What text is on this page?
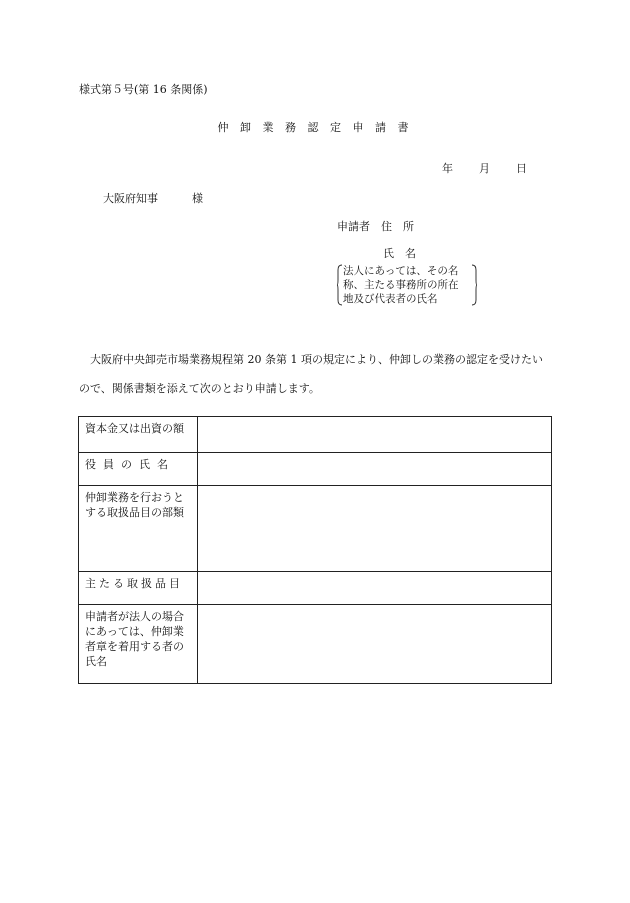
様式第５号(第 16 条関係)
仲 卸 業 務 認 定 申 請 書
年 月 日
大阪府知事	様
申請者 住　所
氏　名
法人にあっては、その名
称、主たる事務所の所在
地及び代表者の氏名
大阪府中央卸売市場業務規程第 20 条第 1 項の規定により、仲卸しの業務の認定を受けたいので、関係書類を添えて次のとおり申請します。
資本金又は出資の額	
役員の氏名	
仲卸業務を行おうとする取扱品目の部類	
主たる取扱品目	
申請者が法人の場合にあっては、仲卸業者章を着用する者の氏名	
